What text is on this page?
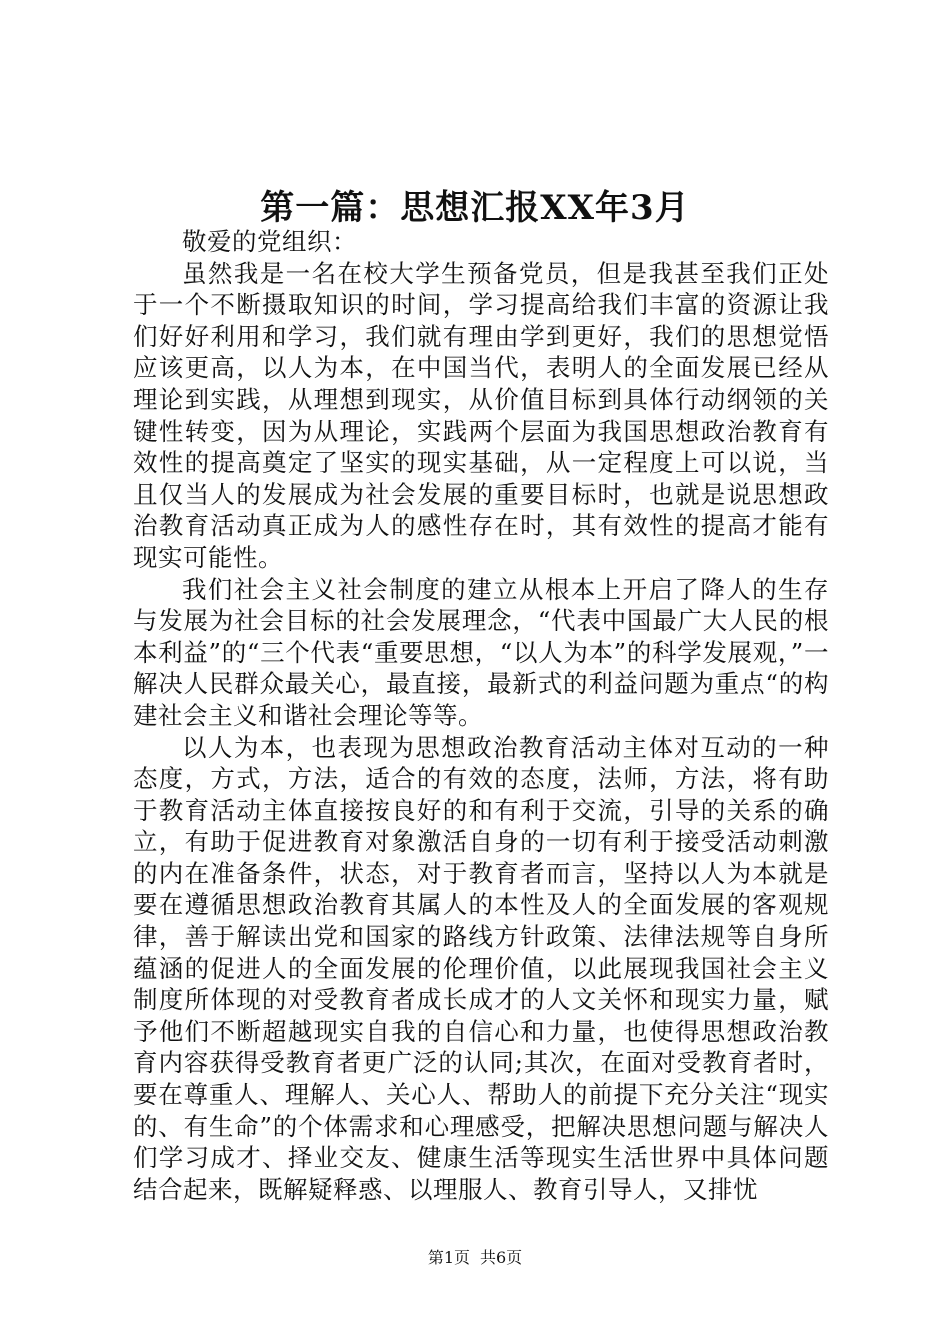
第一篇：思想汇报XX年3月

敬爱的党组织：

虽然我是一名在校大学生预备党员，但是我甚至我们正处于一个不断摄取知识的时间，学习提高给我们丰富的资源让我们好好利用和学习，我们就有理由学到更好，我们的思想觉悟应该更高，以人为本，在中国当代，表明人的全面发展已经从理论到实践，从理想到现实，从价值目标到具体行动纲领的关键性转变，因为从理论，实践两个层面为我国思想政治教育有效性的提高奠定了坚实的现实基础，从一定程度上可以说，当且仅当人的发展成为社会发展的重要目标时，也就是说思想政治教育活动真正成为人的感性存在时，其有效性的提高才能有现实可能性。

我们社会主义社会制度的建立从根本上开启了降人的生存与发展为社会目标的社会发展理念，“代表中国最广大人民的根本利益”的“三个代表“重要思想，“以人为本”的科学发展观，”一解决人民群众最关心，最直接，最新式的利益问题为重点“的构建社会主义和谐社会理论等等。

以人为本，也表现为思想政治教育活动主体对互动的一种态度，方式，方法，适合的有效的态度，法师，方法，将有助于教育活动主体直接按良好的和有利于交流，引导的关系的确立，有助于促进教育对象激活自身的一切有利于接受活动刺激的内在准备条件，状态，对于教育者而言，坚持以人为本就是要在遵循思想政治教育其属人的本性及人的全面发展的客观规律，善于解读出党和国家的路线方针政策、法律法规等自身所蕴涵的促进人的全面发展的伦理价值，以此展现我国社会主义制度所体现的对受教育者成长成才的人文关怀和现实力量，赋予他们不断超越现实自我的自信心和力量，也使得思想政治教育内容获得受教育者更广泛的认同;其次，在面对受教育者时，要在尊重人、理解人、关心人、帮助人的前提下充分关注“现实的、有生命”的个体需求和心理感受，把解决思想问题与解决人们学习成才、择业交友、健康生活等现实生活世界中具体问题结合起来，既解疑释惑、以理服人、教育引导人，又排忧

第1页 共6页
